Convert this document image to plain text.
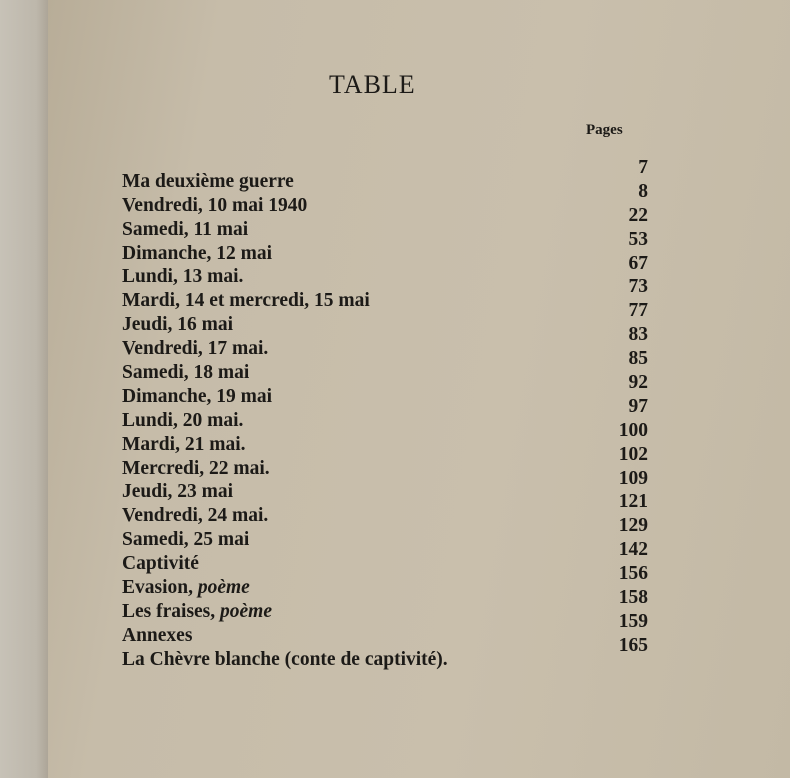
TABLE
Pages
Ma deuxième guerre
7
Vendredi, 10 mai 1940
8
Samedi, 11 mai
22
Dimanche, 12 mai
53
Lundi, 13 mai.
67
Mardi, 14 et mercredi, 15 mai
73
Jeudi, 16 mai
77
Vendredi, 17 mai.
83
Samedi, 18 mai
85
Dimanche, 19 mai
92
Lundi, 20 mai.
97
Mardi, 21 mai.
100
Mercredi, 22 mai.
102
Jeudi, 23 mai
109
Vendredi, 24 mai.
121
Samedi, 25 mai
129
Captivité
142
Evasion, poème
156
Les fraises, poème
158
Annexes
159
La Chèvre blanche (conte de captivité).
165
